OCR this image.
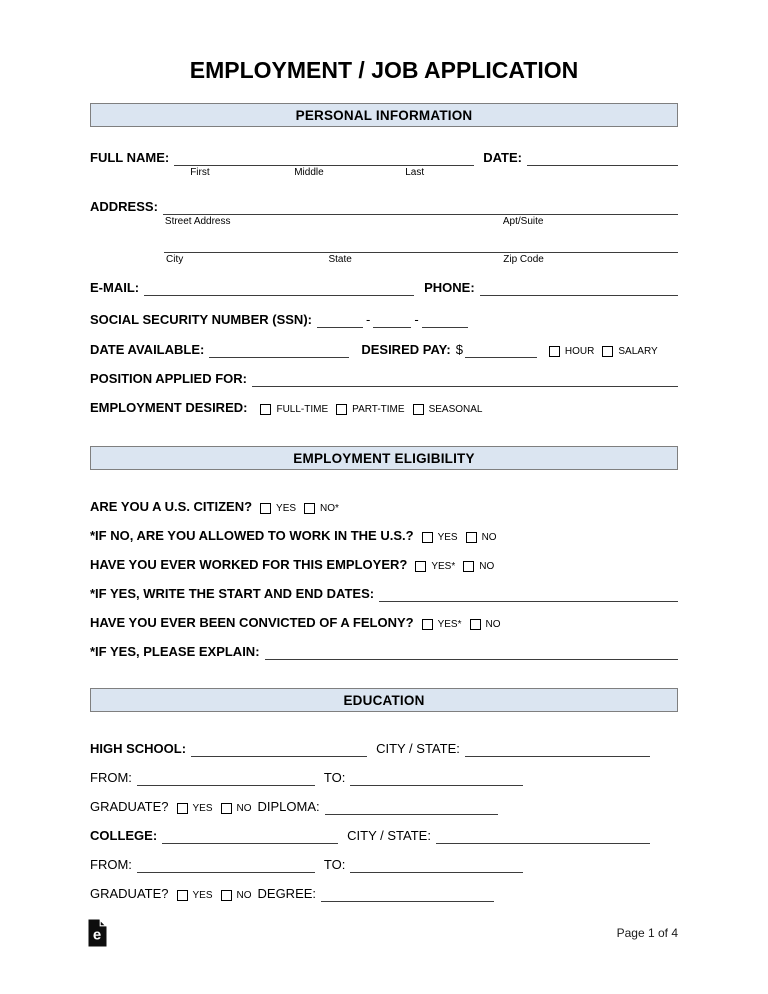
EMPLOYMENT / JOB APPLICATION
PERSONAL INFORMATION
FULL NAME:
First	Middle	Last
DATE:
ADDRESS:
Street Address	Apt/Suite
City	State	Zip Code
E-MAIL:	PHONE:
SOCIAL SECURITY NUMBER (SSN):	-	-
DATE AVAILABLE:	DESIRED PAY: $	HOUR SALARY
POSITION APPLIED FOR:
EMPLOYMENT DESIRED:	FULL-TIME PART-TIME SEASONAL
EMPLOYMENT ELIGIBILITY
ARE YOU A U.S. CITIZEN? YES NO*
*IF NO, ARE YOU ALLOWED TO WORK IN THE U.S.? YES NO
HAVE YOU EVER WORKED FOR THIS EMPLOYER? YES* NO
*IF YES, WRITE THE START AND END DATES:
HAVE YOU EVER BEEN CONVICTED OF A FELONY? YES* NO
*IF YES, PLEASE EXPLAIN:
EDUCATION
HIGH SCHOOL:	CITY / STATE:
FROM:	TO:
GRADUATE? YES NO DIPLOMA:
COLLEGE:	CITY / STATE:
FROM:	TO:
GRADUATE? YES NO DEGREE:
e	Page 1 of 4
